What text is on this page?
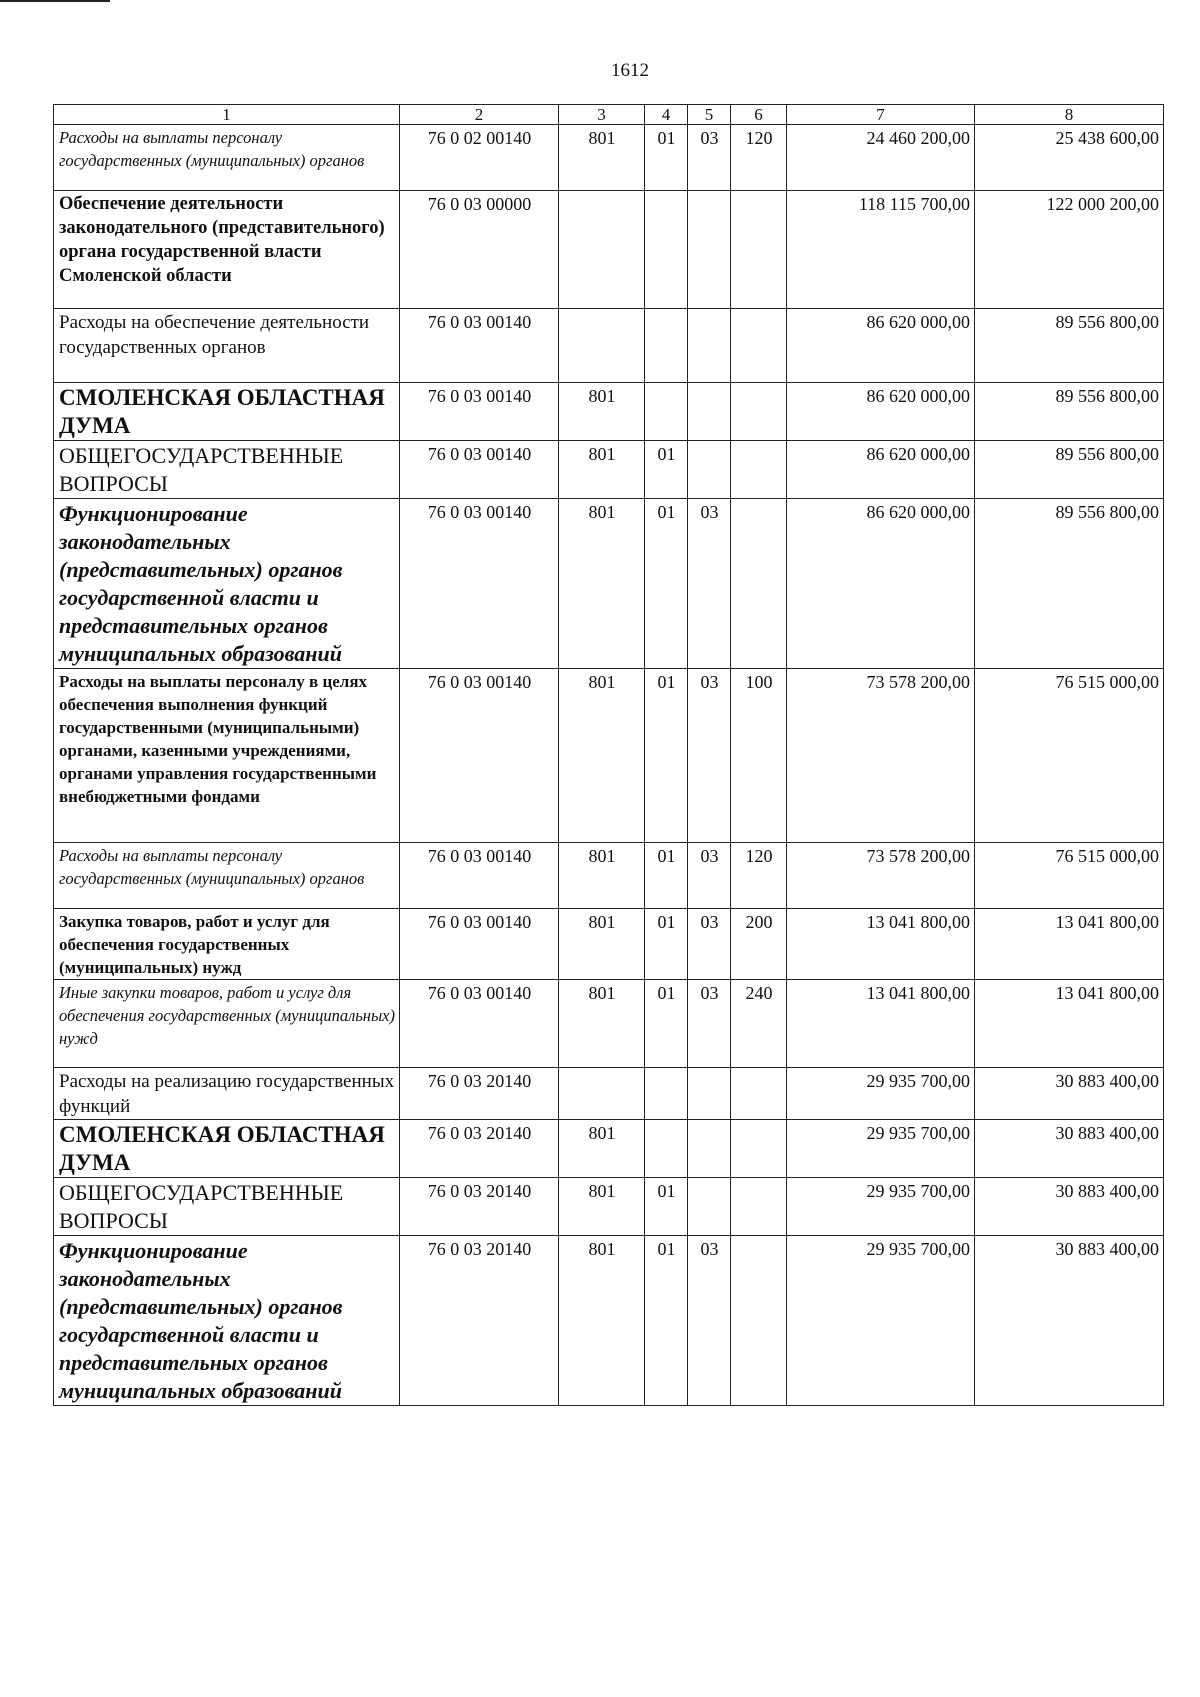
1612
1	2	3	4	5	6	7	8
Расходы на выплаты персоналу государственных (муниципальных) органов	76 0 02 00140	801	01	03	120	24 460 200,00	25 438 600,00
Обеспечение деятельности законодательного (представительного) органа государственной власти Смоленской области	76 0 03 00000					118 115 700,00	122 000 200,00
Расходы на обеспечение деятельности государственных органов	76 0 03 00140					86 620 000,00	89 556 800,00
СМОЛЕНСКАЯ ОБЛАСТНАЯ ДУМА	76 0 03 00140	801				86 620 000,00	89 556 800,00
ОБЩЕГОСУДАРСТВЕННЫЕ ВОПРОСЫ	76 0 03 00140	801	01			86 620 000,00	89 556 800,00
Функционирование законодательных (представительных) органов государственной власти и представительных органов муниципальных образований	76 0 03 00140	801	01	03		86 620 000,00	89 556 800,00
Расходы на выплаты персоналу в целях обеспечения выполнения функций государственными (муниципальными) органами, казенными учреждениями, органами управления государственными внебюджетными фондами	76 0 03 00140	801	01	03	100	73 578 200,00	76 515 000,00
Расходы на выплаты персоналу государственных (муниципальных) органов	76 0 03 00140	801	01	03	120	73 578 200,00	76 515 000,00
Закупка товаров, работ и услуг для обеспечения государственных (муниципальных) нужд	76 0 03 00140	801	01	03	200	13 041 800,00	13 041 800,00
Иные закупки товаров, работ и услуг для обеспечения государственных (муниципальных) нужд	76 0 03 00140	801	01	03	240	13 041 800,00	13 041 800,00
Расходы на реализацию государственных функций	76 0 03 20140					29 935 700,00	30 883 400,00
СМОЛЕНСКАЯ ОБЛАСТНАЯ ДУМА	76 0 03 20140	801				29 935 700,00	30 883 400,00
ОБЩЕГОСУДАРСТВЕННЫЕ ВОПРОСЫ	76 0 03 20140	801	01			29 935 700,00	30 883 400,00
Функционирование законодательных (представительных) органов государственной власти и представительных органов муниципальных образований	76 0 03 20140	801	01	03		29 935 700,00	30 883 400,00
